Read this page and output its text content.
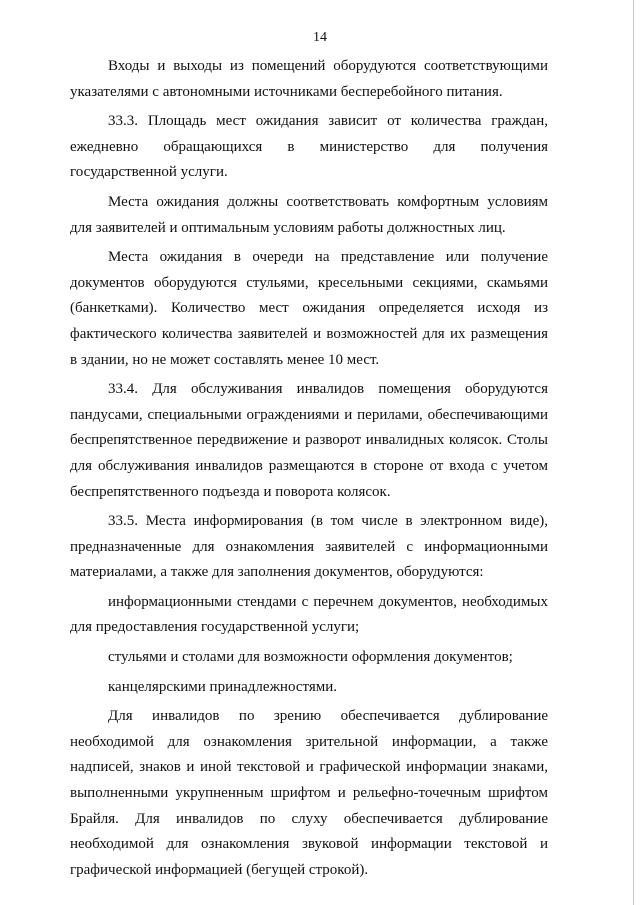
14

Входы и выходы из помещений оборудуются соответствующими указателями с автономными источниками бесперебойного питания.

33.3. Площадь мест ожидания зависит от количества граждан, ежедневно обращающихся в министерство для получения государственной услуги.

Места ожидания должны соответствовать комфортным условиям для заявителей и оптимальным условиям работы должностных лиц.

Места ожидания в очереди на представление или получение документов оборудуются стульями, кресельными секциями, скамьями (банкетками). Количество мест ожидания определяется исходя из фактического количества заявителей и возможностей для их размещения в здании, но не может составлять менее 10 мест.

33.4. Для обслуживания инвалидов помещения оборудуются пандусами, специальными ограждениями и перилами, обеспечивающими беспрепятственное передвижение и разворот инвалидных колясок. Столы для обслуживания инвалидов размещаются в стороне от входа с учетом беспрепятственного подъезда и поворота колясок.

33.5. Места информирования (в том числе в электронном виде), предназначенные для ознакомления заявителей с информационными материалами, а также для заполнения документов, оборудуются:

информационными стендами с перечнем документов, необходимых для предоставления государственной услуги;

стульями и столами для возможности оформления документов;

канцелярскими принадлежностями.

Для инвалидов по зрению обеспечивается дублирование необходимой для ознакомления зрительной информации, а также надписей, знаков и иной текстовой и графической информации знаками, выполненными укрупненным шрифтом и рельефно-точечным шрифтом Брайля. Для инвалидов по слуху обеспечивается дублирование необходимой для ознакомления звуковой информации текстовой и графической информацией (бегущей строкой).
